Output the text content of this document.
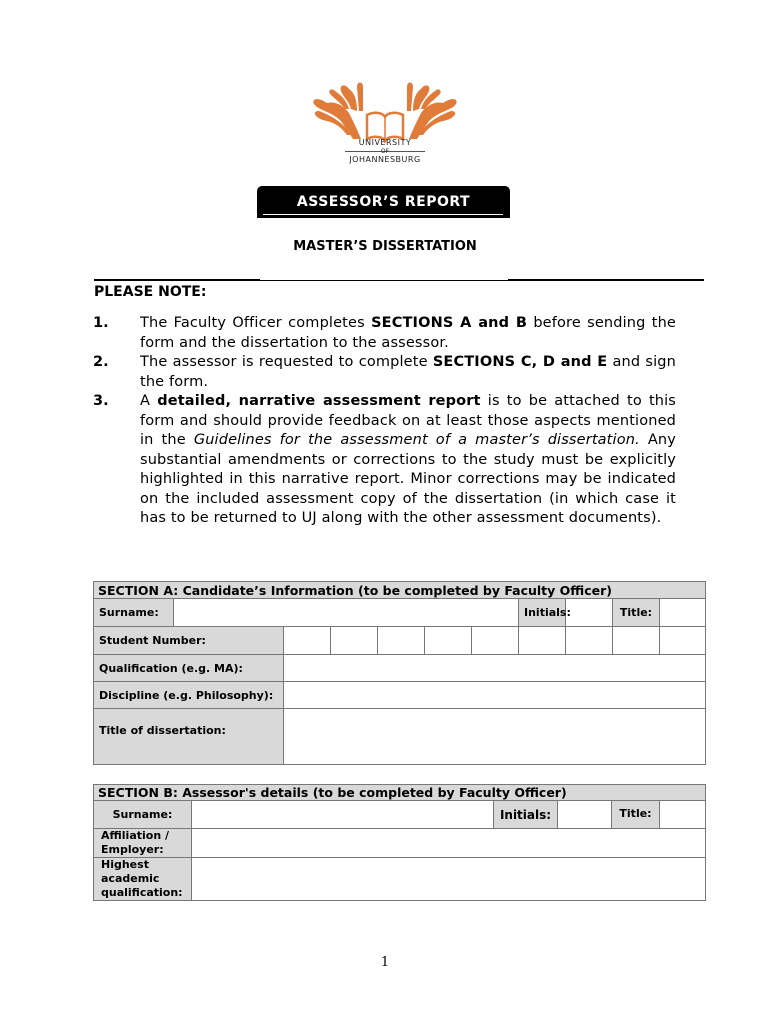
UNIVERSITY
OF
JOHANNESBURG
ASSESSOR’S REPORT
MASTER’S DISSERTATION
PLEASE NOTE:
1. The Faculty Officer completes SECTIONS A and B before sending the form and the dissertation to the assessor.
2. The assessor is requested to complete SECTIONS C, D and E and sign the form.
3. A detailed, narrative assessment report is to be attached to this form and should provide feedback on at least those aspects mentioned in the Guidelines for the assessment of a master’s dissertation. Any substantial amendments or corrections to the study must be explicitly highlighted in this narrative report. Minor corrections may be indicated on the included assessment copy of the dissertation (in which case it has to be returned to UJ along with the other assessment documents).
SECTION A: Candidate’s Information (to be completed by Faculty Officer)										
Surname:							Initials:		Title:	
Student Number:										
Qualification (e.g. MA):										
Discipline (e.g. Philosophy):										
Title of dissertation:										
SECTION B: Assessor's details (to be completed by Faculty Officer)					
Surname:		Initials:		Title:	
Affiliation /
Employer:					
Highest
academic
qualification:					
1
